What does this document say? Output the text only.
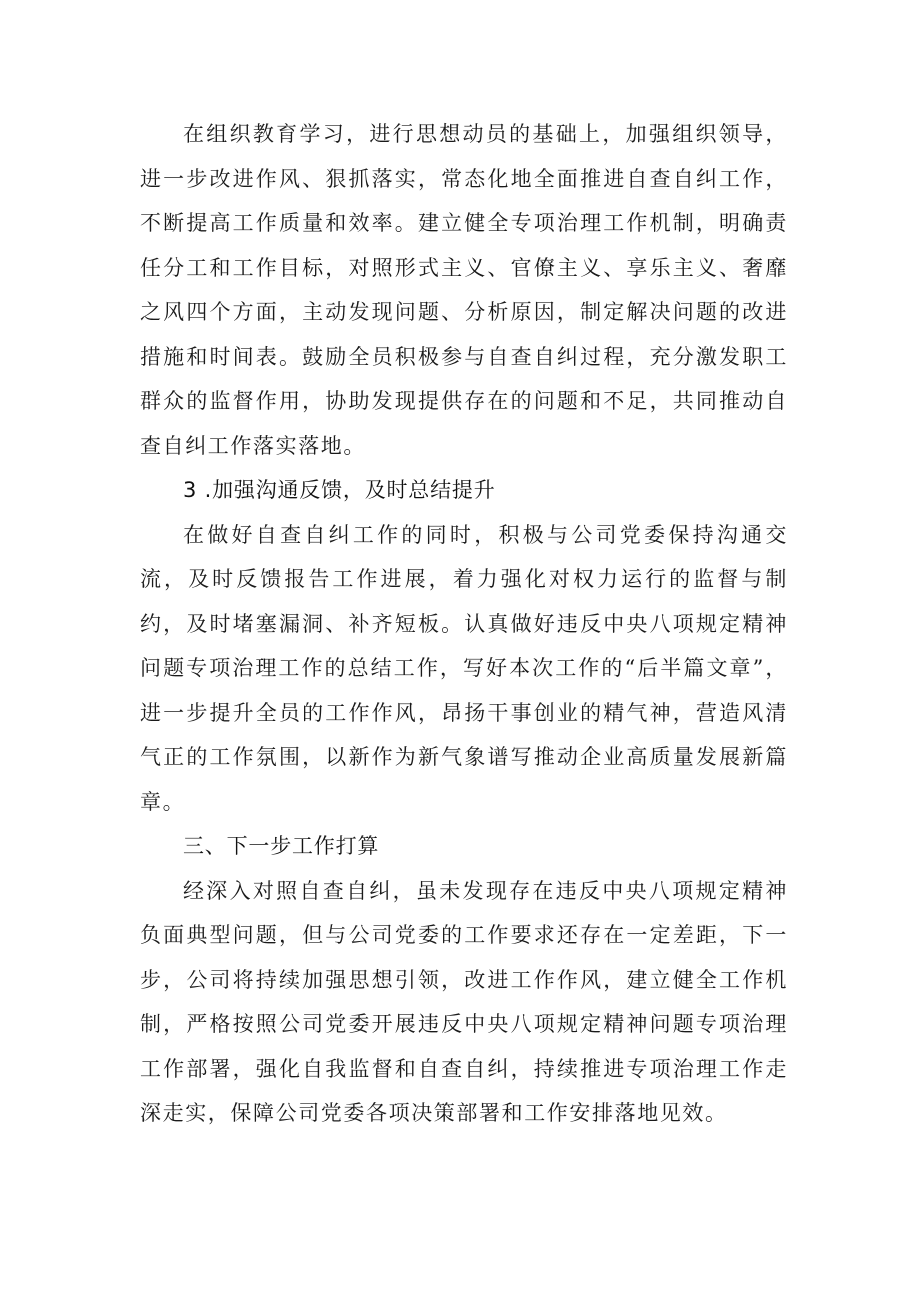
在组织教育学习，进行思想动员的基础上，加强组织领导，进一步改进作风、狠抓落实，常态化地全面推进自查自纠工作，不断提高工作质量和效率。建立健全专项治理工作机制，明确责任分工和工作目标，对照形式主义、官僚主义、享乐主义、奢靡之风四个方面，主动发现问题、分析原因，制定解决问题的改进措施和时间表。鼓励全员积极参与自查自纠过程，充分激发职工群众的监督作用，协助发现提供存在的问题和不足，共同推动自查自纠工作落实落地。

3 .加强沟通反馈，及时总结提升

在做好自查自纠工作的同时，积极与公司党委保持沟通交流，及时反馈报告工作进展，着力强化对权力运行的监督与制约，及时堵塞漏洞、补齐短板。认真做好违反中央八项规定精神问题专项治理工作的总结工作，写好本次工作的“后半篇文章”，进一步提升全员的工作作风，昂扬干事创业的精气神，营造风清气正的工作氛围，以新作为新气象谱写推动企业高质量发展新篇章。

三、下一步工作打算

经深入对照自查自纠，虽未发现存在违反中央八项规定精神负面典型问题，但与公司党委的工作要求还存在一定差距，下一步，公司将持续加强思想引领，改进工作作风，建立健全工作机制，严格按照公司党委开展违反中央八项规定精神问题专项治理工作部署，强化自我监督和自查自纠，持续推进专项治理工作走深走实，保障公司党委各项决策部署和工作安排落地见效。
